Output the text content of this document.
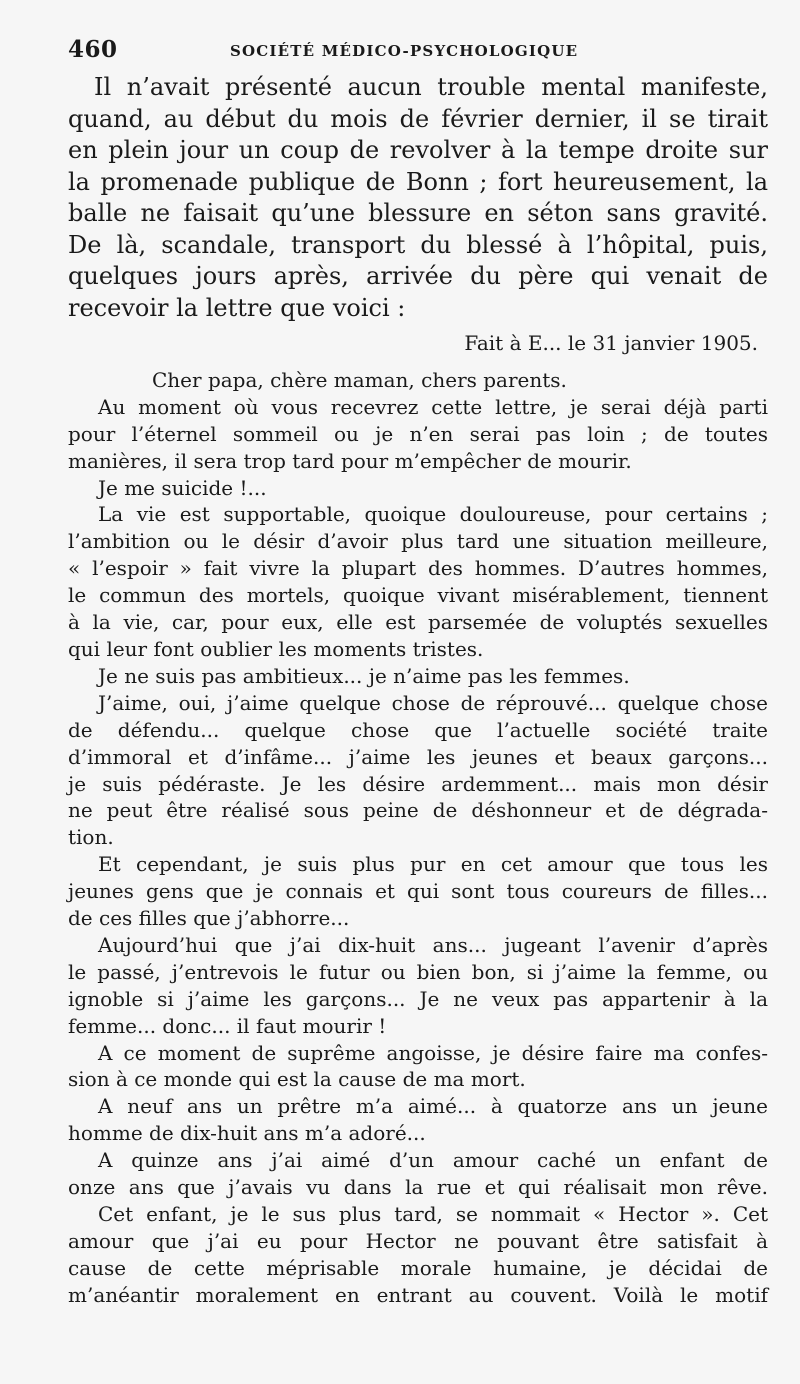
460	SOCIÉTÉ MÉDICO-PSYCHOLOGIQUE
Il n’avait présenté aucun trouble mental manifeste,
quand, au début du mois de février dernier, il se tirait
en plein jour un coup de revolver à la tempe droite sur
la promenade publique de Bonn ; fort heureusement, la
balle ne faisait qu’une blessure en séton sans gravité.
De là, scandale, transport du blessé à l’hôpital, puis,
quelques jours après, arrivée du père qui venait de
recevoir la lettre que voici :
Fait à E... le 31 janvier 1905.
Cher papa, chère maman, chers parents.
Au moment où vous recevrez cette lettre, je serai déjà parti
pour l’éternel sommeil ou je n’en serai pas loin ; de toutes
manières, il sera trop tard pour m’empêcher de mourir.
Je me suicide !...
La vie est supportable, quoique douloureuse, pour certains ;
l’ambition ou le désir d’avoir plus tard une situation meilleure,
« l’espoir » fait vivre la plupart des hommes. D’autres hommes,
le commun des mortels, quoique vivant misérablement, tiennent
à la vie, car, pour eux, elle est parsemée de voluptés sexuelles
qui leur font oublier les moments tristes.
Je ne suis pas ambitieux... je n’aime pas les femmes.
J’aime, oui, j’aime quelque chose de réprouvé... quelque chose
de défendu... quelque chose que l’actuelle société traite
d’immoral et d’infâme... j’aime les jeunes et beaux garçons...
je suis pédéraste. Je les désire ardemment... mais mon désir
ne peut être réalisé sous peine de déshonneur et de dégrada-
tion.
Et cependant, je suis plus pur en cet amour que tous les
jeunes gens que je connais et qui sont tous coureurs de filles...
de ces filles que j’abhorre...
Aujourd’hui que j’ai dix-huit ans... jugeant l’avenir d’après
le passé, j’entrevois le futur ou bien bon, si j’aime la femme, ou
ignoble si j’aime les garçons... Je ne veux pas appartenir à la
femme... donc... il faut mourir !
A ce moment de suprême angoisse, je désire faire ma confes-
sion à ce monde qui est la cause de ma mort.
A neuf ans un prêtre m’a aimé... à quatorze ans un jeune
homme de dix-huit ans m’a adoré...
A quinze ans j’ai aimé d’un amour caché un enfant de
onze ans que j’avais vu dans la rue et qui réalisait mon rêve.
Cet enfant, je le sus plus tard, se nommait « Hector ». Cet
amour que j’ai eu pour Hector ne pouvant être satisfait à
cause de cette méprisable morale humaine, je décidai de
m’anéantir moralement en entrant au couvent. Voilà le motif
